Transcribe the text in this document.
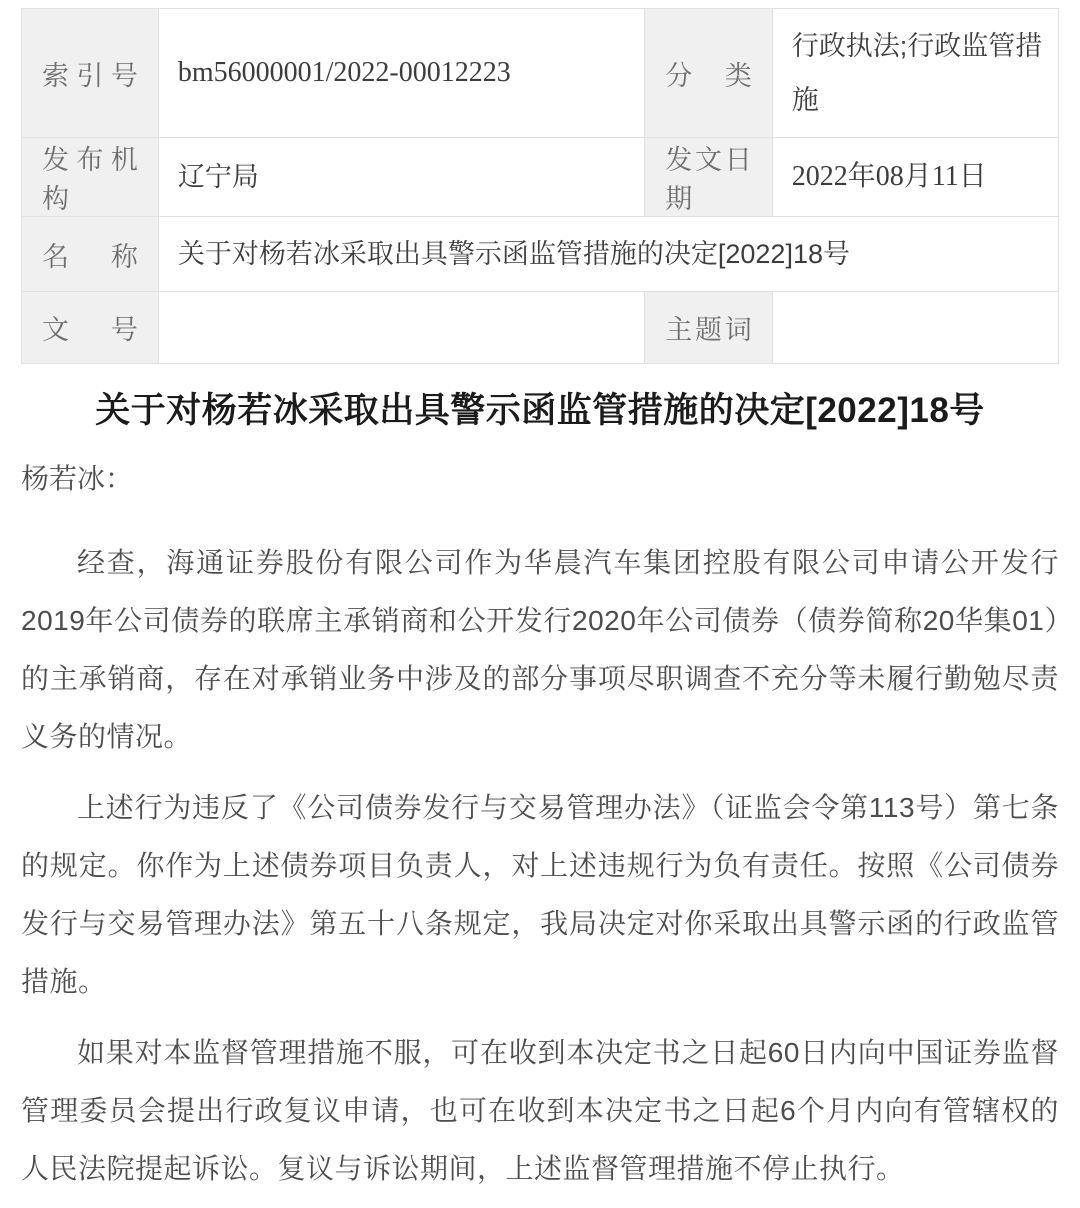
索引号	bm56000001/2022-00012223	分类	行政执法;行政监管措施

发布机构	辽宁局	发文日期	2022年08月11日

名称	关于对杨若冰采取出具警示函监管措施的决定[2022]18号		

文号		主题词	

关于对杨若冰采取出具警示函监管措施的决定[2022]18号

杨若冰：

经查，海通证券股份有限公司作为华晨汽车集团控股有限公司申请公开发行2019年公司债券的联席主承销商和公开发行2020年公司债券（债券简称20华集01）的主承销商，存在对承销业务中涉及的部分事项尽职调查不充分等未履行勤勉尽责义务的情况。

上述行为违反了《公司债券发行与交易管理办法》（证监会令第113号）第七条的规定。你作为上述债券项目负责人，对上述违规行为负有责任。按照《公司债券发行与交易管理办法》第五十八条规定，我局决定对你采取出具警示函的行政监管措施。

如果对本监督管理措施不服，可在收到本决定书之日起60日内向中国证券监督管理委员会提出行政复议申请，也可在收到本决定书之日起6个月内向有管辖权的人民法院提起诉讼。复议与诉讼期间，上述监督管理措施不停止执行。
